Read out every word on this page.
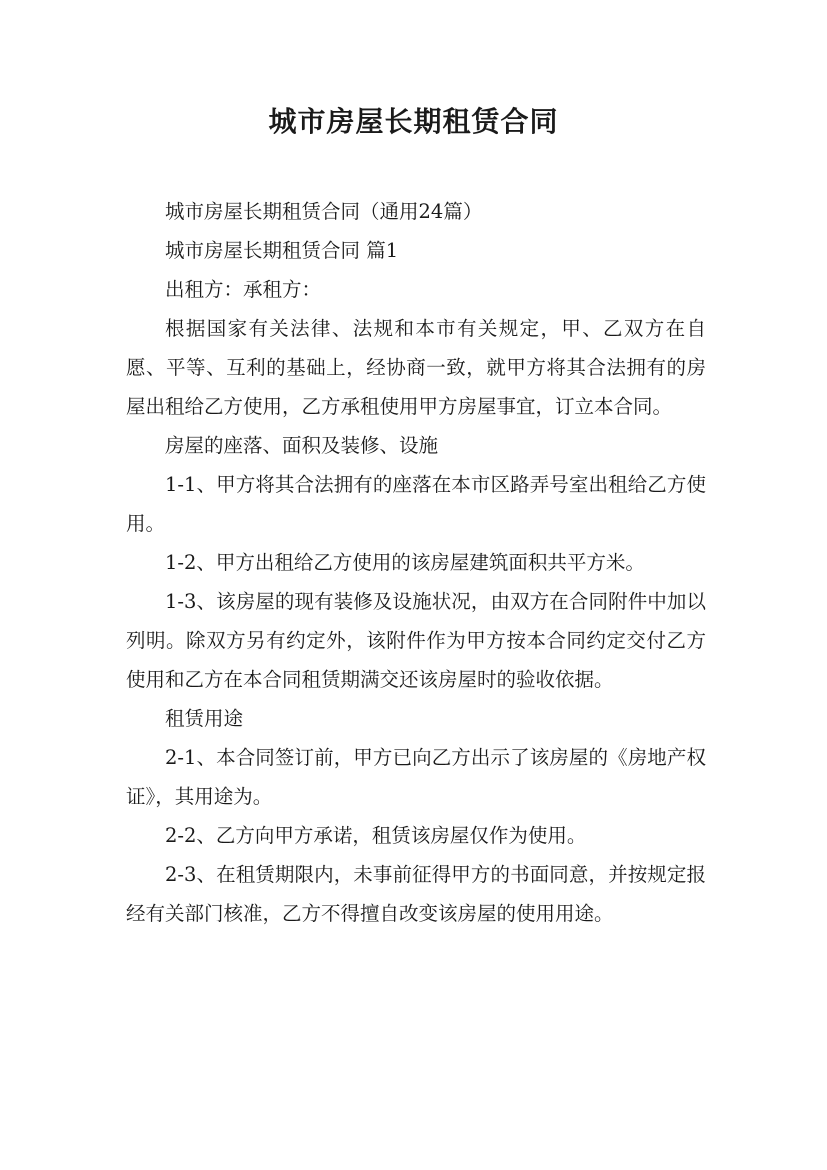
城市房屋长期租赁合同

城市房屋长期租赁合同（通用24篇）

城市房屋长期租赁合同 篇1

出租方：承租方：

根据国家有关法律、法规和本市有关规定，甲、乙双方在自愿、平等、互利的基础上，经协商一致，就甲方将其合法拥有的房屋出租给乙方使用，乙方承租使用甲方房屋事宜，订立本合同。

房屋的座落、面积及装修、设施

1-1、甲方将其合法拥有的座落在本市区路弄号室出租给乙方使用。

1-2、甲方出租给乙方使用的该房屋建筑面积共平方米。

1-3、该房屋的现有装修及设施状况，由双方在合同附件中加以列明。除双方另有约定外，该附件作为甲方按本合同约定交付乙方使用和乙方在本合同租赁期满交还该房屋时的验收依据。

租赁用途

2-1、本合同签订前，甲方已向乙方出示了该房屋的《房地产权证》，其用途为。

2-2、乙方向甲方承诺，租赁该房屋仅作为使用。

2-3、在租赁期限内，未事前征得甲方的书面同意，并按规定报经有关部门核准，乙方不得擅自改变该房屋的使用用途。
